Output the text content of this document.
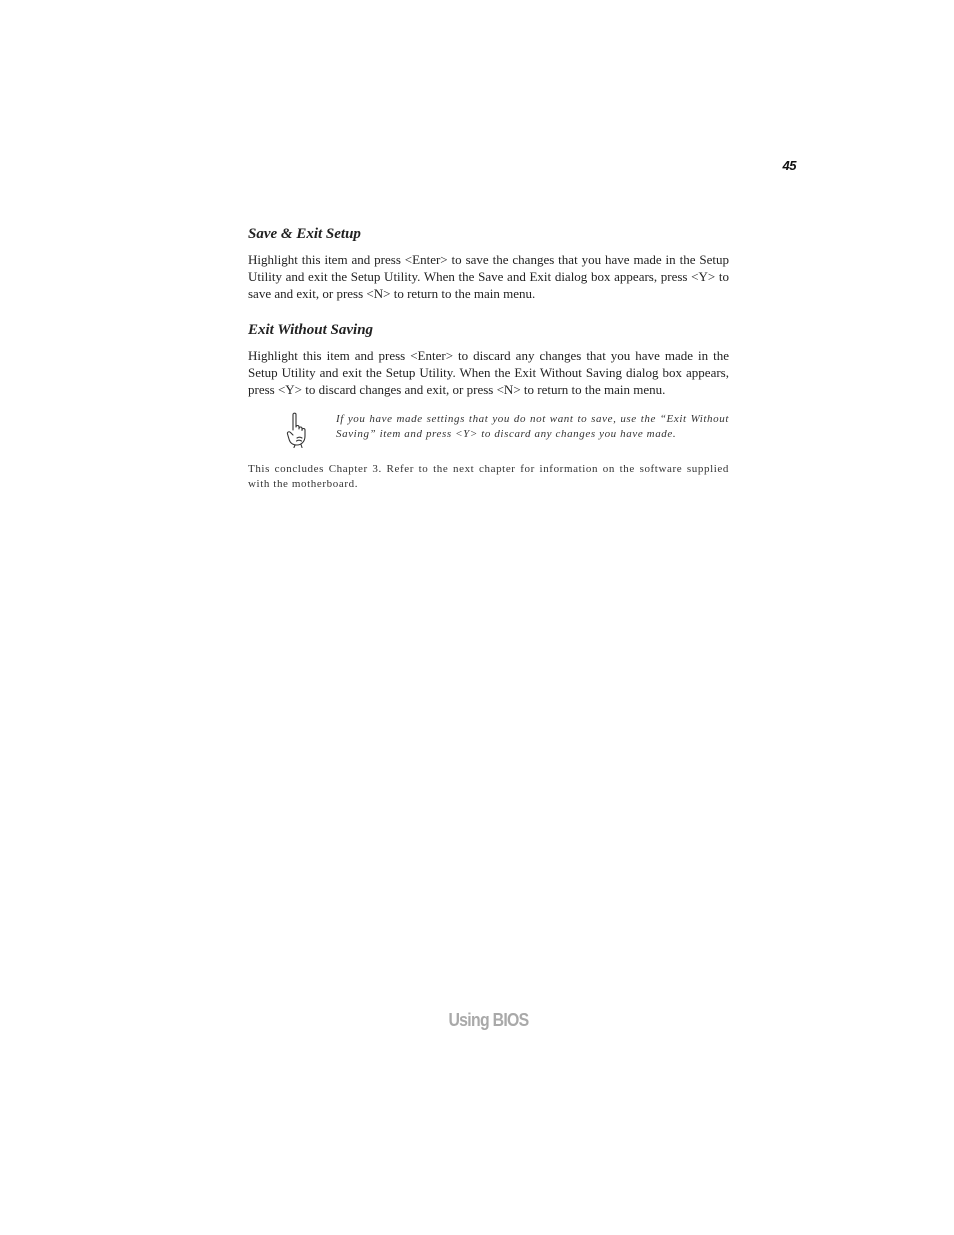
45
Save & Exit Setup

Highlight this item and press <Enter> to save the changes that you have made in the Setup Utility and exit the Setup Utility. When the Save and Exit dialog box appears, press <Y> to save and exit, or press <N> to return to the main menu.

Exit Without Saving

Highlight this item and press <Enter> to discard any changes that you have made in the Setup Utility and exit the Setup Utility. When the Exit Without Saving dialog box appears, press <Y> to discard changes and exit, or press <N> to return to the main menu.

If you have made settings that you do not want to save, use the “Exit Without Saving” item and press <Y> to discard any changes you have made.

This concludes Chapter 3. Refer to the next chapter for information on the software supplied with the motherboard.

Using BIOS
